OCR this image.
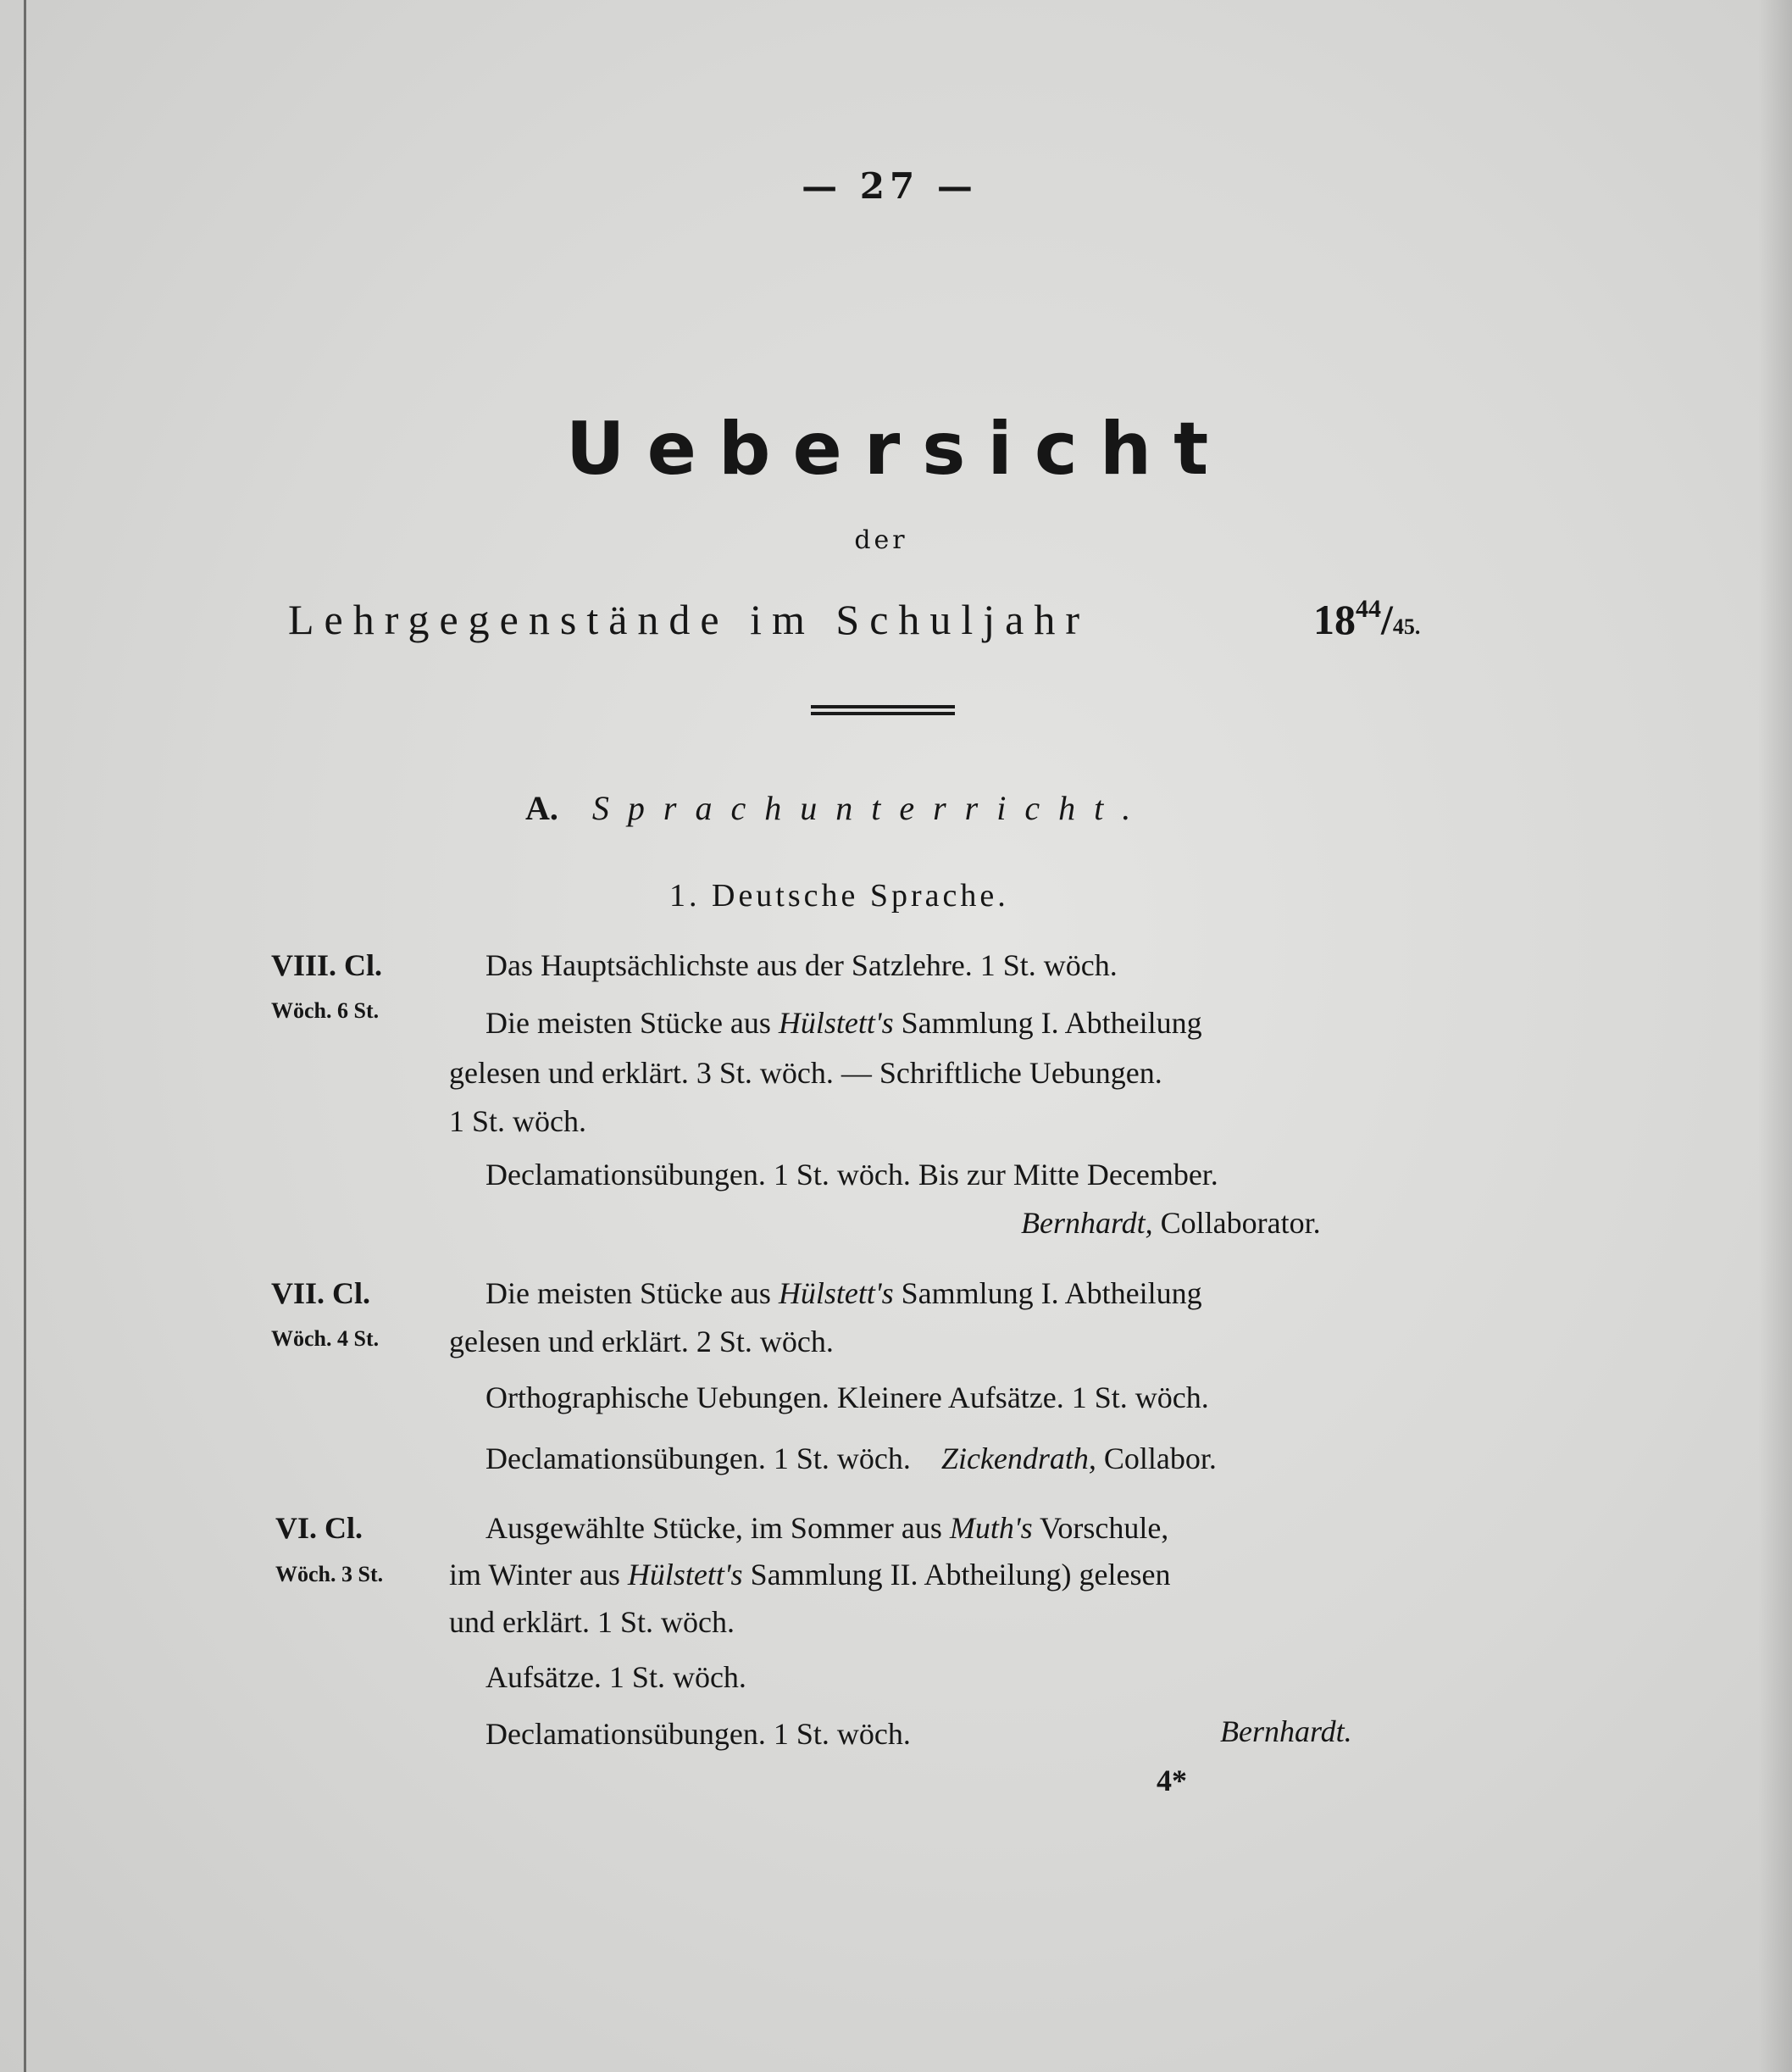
— 27 —
Uebersicht
der
Lehrgegenstände im Schuljahr	$18^{44}/45$.
A. Sprachunterricht.
1. Deutsche Sprache.
VIII. Cl.
Wöch. 6 St.
Das Hauptsächlichste aus der Satzlehre. 1 St. wöch.
Die meisten Stücke aus Hülstett's Sammlung I. Abtheilung
gelesen und erklärt. 3 St. wöch. — Schriftliche Uebungen.
1 St. wöch.
Declamationsübungen. 1 St. wöch. Bis zur Mitte December.
Bernhardt, Collaborator.
VII. Cl.
Wöch. 4 St.
Die meisten Stücke aus Hülstett's Sammlung I. Abtheilung
gelesen und erklärt. 2 St. wöch.
Orthographische Uebungen. Kleinere Aufsätze. 1 St. wöch.
Declamationsübungen. 1 St. wöch. Zickendrath, Collabor.
VI. Cl.
Wöch. 3 St.
Ausgewählte Stücke, im Sommer aus Muth's Vorschule,
im Winter aus Hülstett's Sammlung II. Abtheilung) gelesen
und erklärt. 1 St. wöch.
Aufsätze. 1 St. wöch.
Declamationsübungen. 1 St. wöch.	Bernhardt.
4*
